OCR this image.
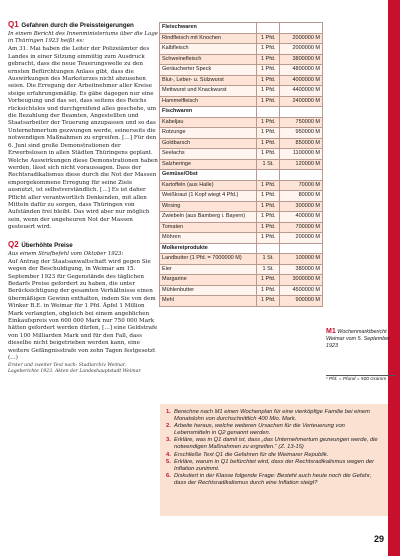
Q1 Gefahren durch die Preissteigerungen
In einem Bericht des Innenministeriums über die Lage in Thüringen 1923 heißt es:
Am 31. Mai haben die Leiter der Polizeiämter des Landes in einer Sitzung einmütig zum Ausdruck gebracht, dass die neue Teuerungswelle zu den ernsten Befürchtungen Anlass gibt, dass die Auswirkungen des Marksturzes nicht abzusehen seien. Die Erregung der Arbeitnehmer aller Kreise steige erfahrungsmäßig. Es gäbe dagegen nur eine Vorbeugung und das sei, dass seitens des Reichs rücksichtslos und durchgreifend alles geschehe, um die Bezahlung der Beamten, Angestellten und Staatsarbeiter der Teuerung anzupassen und so das Unternehmertum gezwungen werde, seinerseits die notwendigen Maßnahmen zu ergreifen. […] Für den 6. Juni sind große Demonstrationen der Erwerbslosen in allen Städten Thüringens geplant. Welche Auswirkungen diese Demonstrationen haben werden, lässt sich nicht voraussagen. Dass der Rechtsradikalismus diese durch die Not der Massen emporgekommene Erregung für seine Ziele ausnutzt, ist selbstverständlich. […] Es ist daher Pflicht aller verantwortlich Denkenden, mit allen Mitteln dafür zu sorgen, dass Thüringen von Aufständen frei bleibt. Das wird aber nur möglich sein, wenn der ungeheuren Not der Massen gesteuert wird.
Q2 Überhöhte Preise
Aus einem Strafbefehl vom Oktober 1923:
Auf Antrag der Staatsanwaltschaft wird gegen Sie wegen der Beschuldigung, in Weimar am 15. September 1923 für Gegenstände des täglichen Bedarfs Preise gefordert zu haben, die unter Berücksichtigung der gesamten Verhältnisse einen übermäßigen Gewinn enthalten, indem Sie von dem Winker B.E. in Weimar für 1 Pfd. Äpfel 1 Million Mark verlangten, obgleich bei einem angeblichen Einkaufspreis von 600 000 Mark nur 750 000 Mark hätten gefordert werden dürfen, […] eine Geldstrafe von 100 Milliarden Mark und für den Fall, dass dieselbe nicht beigetrieben werden kann, eine weitere Gefängnisstrafe von zehn Tagen festgesetzt (…)
Erster und zweiter Text nach: Stadtarchiv Weimar, Lageberichte 1923. Akten der Landeshauptstadt Weimar.
Fleischwaren		
Rindfleisch mit Knochen	1 Pfd.	2000000 M
Kalbfleisch	1 Pfd.	2000000 M
Schweinefleisch	1 Pfd.	3800000 M
Geräucherter Speck	1 Pfd.	4800000 M
Blut-, Leber- u. Sülzwurst	1 Pfd.	4000000 M
Mettwurst und Knackwurst	1 Pfd.	4400000 M
Hammelfleisch	1 Pfd.	2400000 M
Fischwaren		
Kabeljau	1 Pfd.	750000 M
Rotzunge	1 Pfd.	950000 M
Goldbarsch	1 Pfd.	850000 M
Seelachs	1 Pfd.	1100000 M
Salzheringe	1 St.	120000 M
Gemüse/Obst		
Kartoffeln (aus Halle)	1 Pfd.	70000 M
Weißkraut (1 Kopf wiegt 4 Pfd.)	1 Pfd.	80000 M
Wirsing	1 Pfd.	300000 M
Zwiebeln (aus Bamberg i. Bayern)	1 Pfd.	400000 M
Tomaten	1 Pfd.	700000 M
Möhren	1 Pfd.	200000 M
Molkereiprodukte		
Landbutter (1 Pfd. = 7000000 M)	1 St.	100000 M
Eier	1 St.	380000 M
Margarine	1 Pfd.	3000000 M
Mühlenbutter	1 Pfd.	4500000 M
Mehl	1 Pfd.	900000 M
M1 Wochenmarktbericht Weimar vom 5. September 1923
¹ Pfd. = Pfund = 500 Gramm
1. Berechne nach M1 einen Wochenplan für eine vierköpfige Familie bei einem Monatslohn von durchschnittlich 400 Mio. Mark.
2. Arbeite heraus, welche weiteren Ursachen für die Verteuerung von Lebensmitteln in Q2 genannt werden.
3. Erkläre, was in Q1 damit ist, dass „das Unternehmertum gezwungen werde, die notwendigen Maßnahmen zu ergreifen.“ (Z. 13-15)
4. Erschließe Text Q1 die Gefahren für die Weimarer Republik.
5. Erkläre, warum in Q1 befürchtet wird, dass der Rechtsradikalismus wegen der Inflation zunimmt.
6. Diskutiert in der Klasse folgende Frage: Besteht auch heute noch die Gefahr, dass der Rechtsradikalismus durch eine Inflation steigt?
29
